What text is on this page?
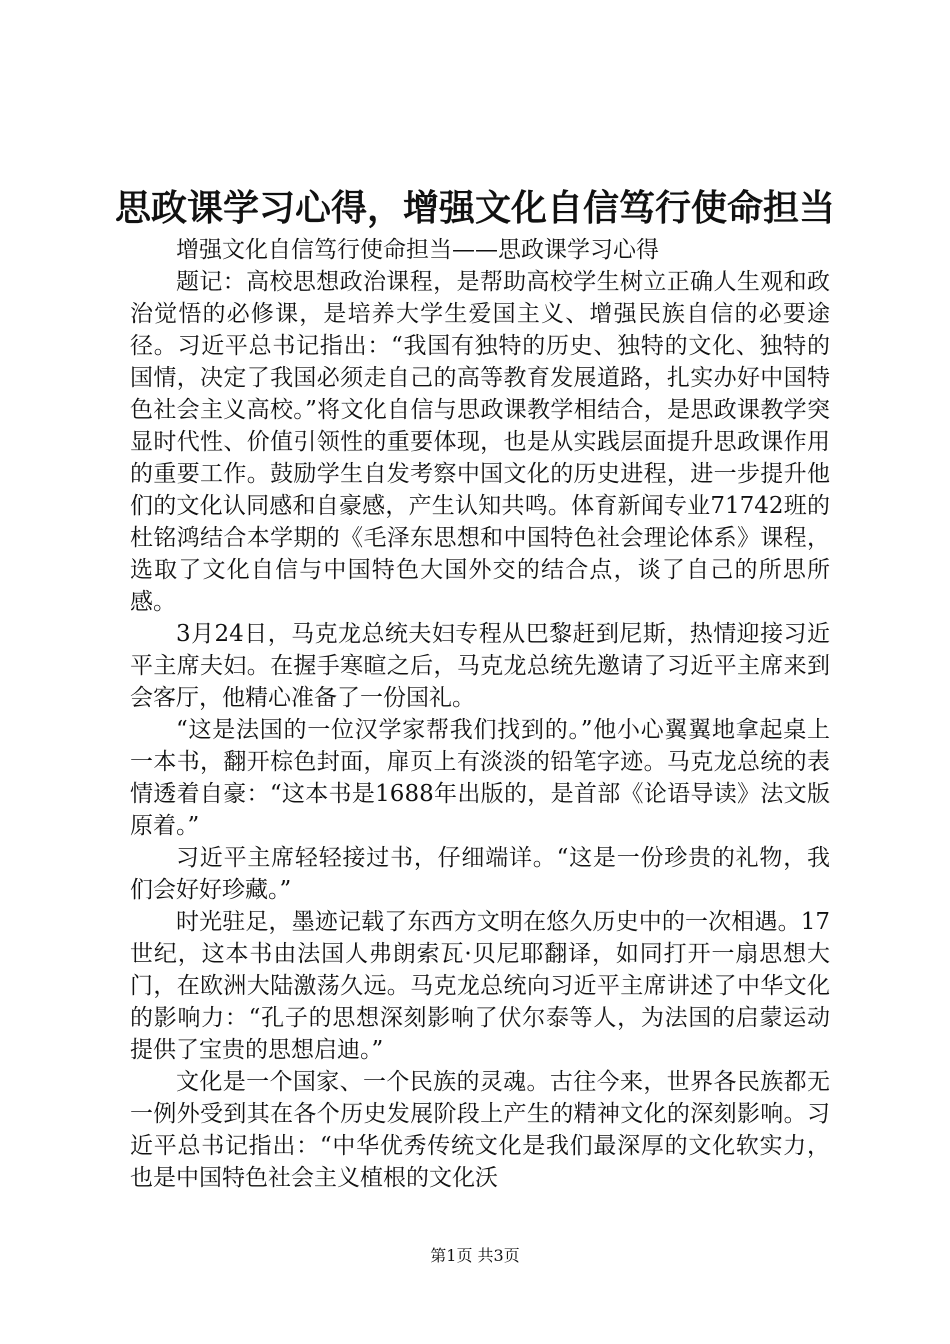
思政课学习心得，增强文化自信笃行使命担当

增强文化自信笃行使命担当——思政课学习心得

题记：高校思想政治课程，是帮助高校学生树立正确人生观和政治觉悟的必修课，是培养大学生爱国主义、增强民族自信的必要途径。习近平总书记指出：“我国有独特的历史、独特的文化、独特的国情，决定了我国必须走自己的高等教育发展道路，扎实办好中国特色社会主义高校。”将文化自信与思政课教学相结合，是思政课教学突显时代性、价值引领性的重要体现，也是从实践层面提升思政课作用的重要工作。鼓励学生自发考察中国文化的历史进程，进一步提升他们的文化认同感和自豪感，产生认知共鸣。体育新闻专业71742班的杜铭鸿结合本学期的《毛泽东思想和中国特色社会理论体系》课程，选取了文化自信与中国特色大国外交的结合点，谈了自己的所思所感。

3月24日，马克龙总统夫妇专程从巴黎赶到尼斯，热情迎接习近平主席夫妇。在握手寒暄之后，马克龙总统先邀请了习近平主席来到会客厅，他精心准备了一份国礼。

“这是法国的一位汉学家帮我们找到的。”他小心翼翼地拿起桌上一本书，翻开棕色封面，扉页上有淡淡的铅笔字迹。马克龙总统的表情透着自豪：“这本书是1688年出版的，是首部《论语导读》法文版原着。”

习近平主席轻轻接过书，仔细端详。“这是一份珍贵的礼物，我们会好好珍藏。”

时光驻足，墨迹记载了东西方文明在悠久历史中的一次相遇。17世纪，这本书由法国人弗朗索瓦·贝尼耶翻译，如同打开一扇思想大门，在欧洲大陆激荡久远。马克龙总统向习近平主席讲述了中华文化的影响力：“孔子的思想深刻影响了伏尔泰等人，为法国的启蒙运动提供了宝贵的思想启迪。”

文化是一个国家、一个民族的灵魂。古往今来，世界各民族都无一例外受到其在各个历史发展阶段上产生的精神文化的深刻影响。习近平总书记指出：“中华优秀传统文化是我们最深厚的文化软实力，也是中国特色社会主义植根的文化沃

第1页 共3页
